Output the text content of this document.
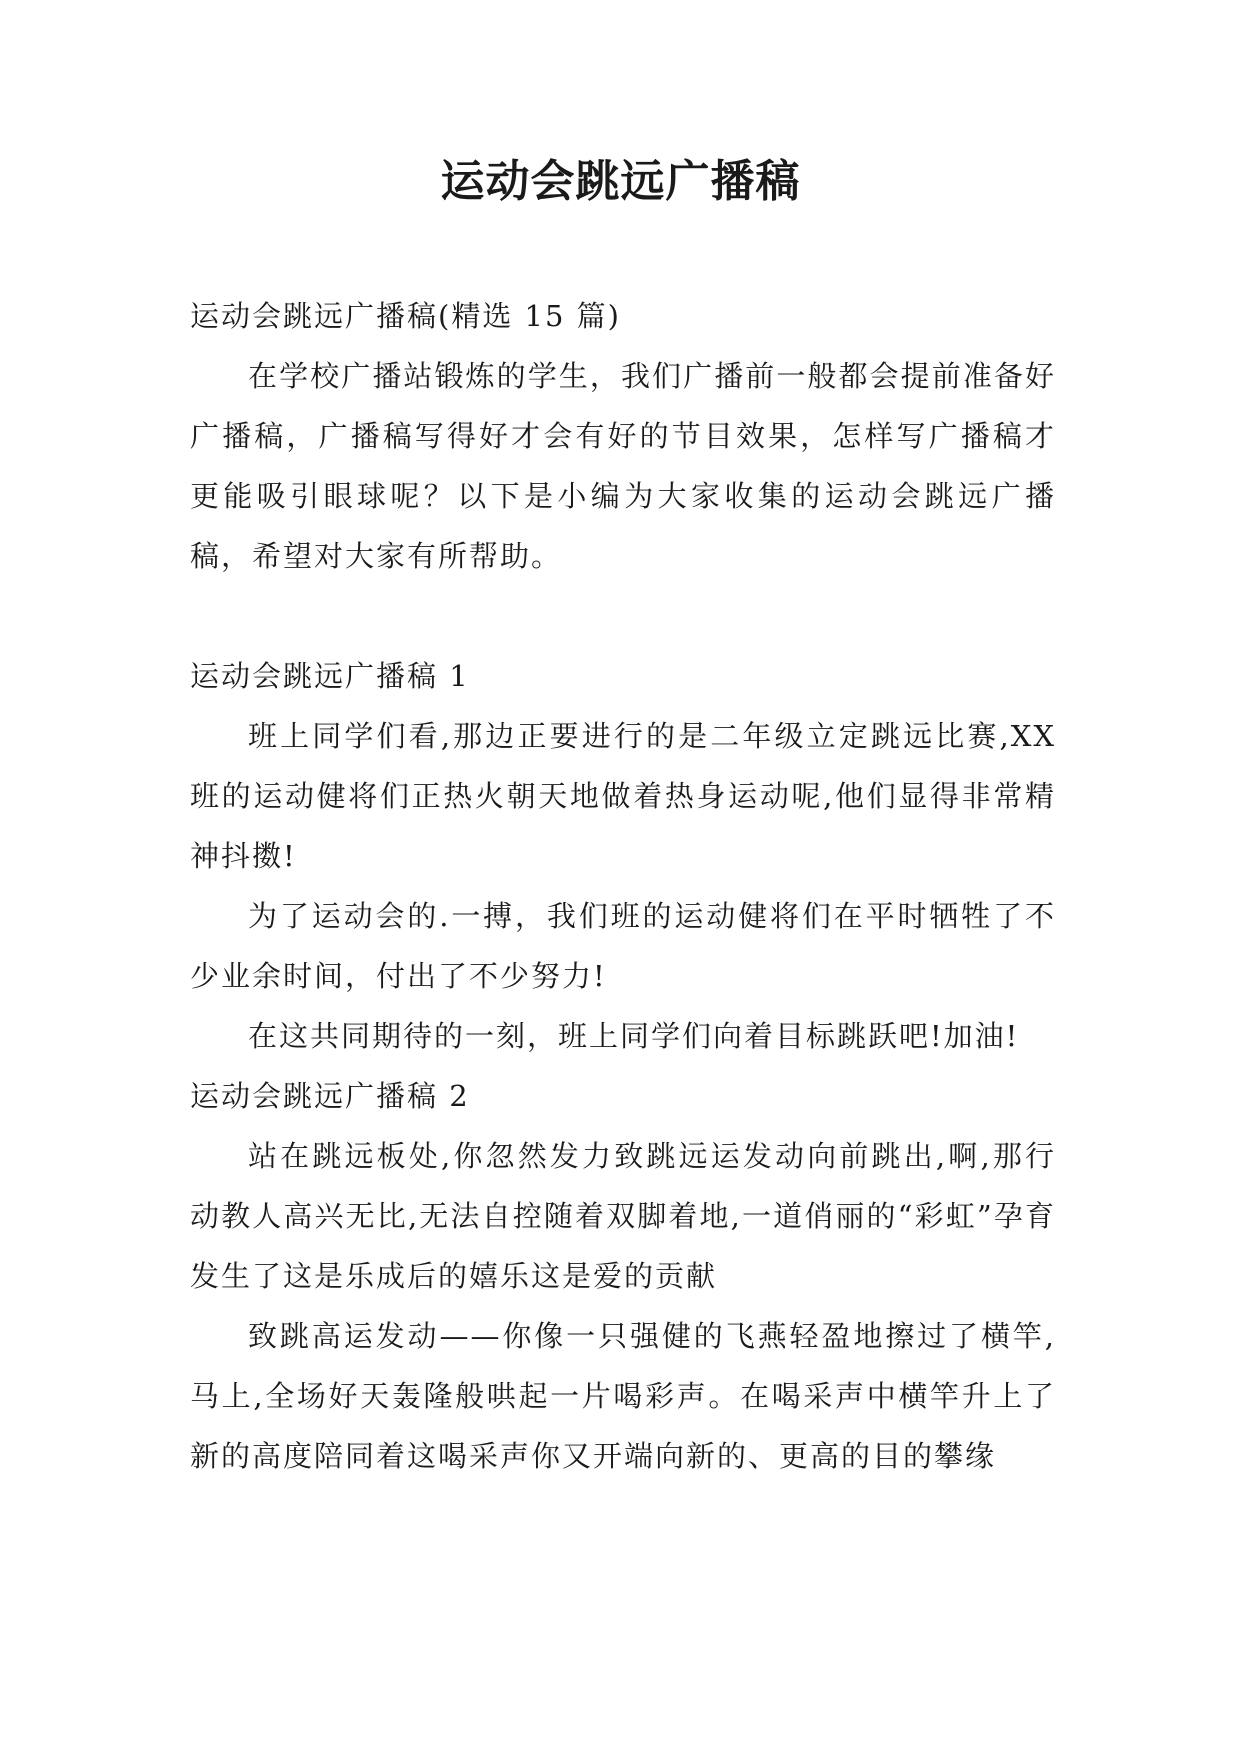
运动会跳远广播稿

运动会跳远广播稿(精选 15 篇)

在学校广播站锻炼的学生，我们广播前一般都会提前准备好广播稿，广播稿写得好才会有好的节目效果，怎样写广播稿才更能吸引眼球呢？以下是小编为大家收集的运动会跳远广播稿，希望对大家有所帮助。

运动会跳远广播稿 1

班上同学们看,那边正要进行的是二年级立定跳远比赛,XX 班的运动健将们正热火朝天地做着热身运动呢,他们显得非常精神抖擞!

为了运动会的.一搏，我们班的运动健将们在平时牺牲了不少业余时间，付出了不少努力!

在这共同期待的一刻，班上同学们向着目标跳跃吧!加油!

运动会跳远广播稿 2

站在跳远板处,你忽然发力致跳远运发动向前跳出,啊,那行动教人高兴无比,无法自控随着双脚着地,一道俏丽的“彩虹”孕育发生了这是乐成后的嬉乐这是爱的贡献

致跳高运发动——你像一只强健的飞燕轻盈地擦过了横竿,马上,全场好天轰隆般哄起一片喝彩声。在喝采声中横竿升上了新的高度陪同着这喝采声你又开端向新的、更高的目的攀缘
